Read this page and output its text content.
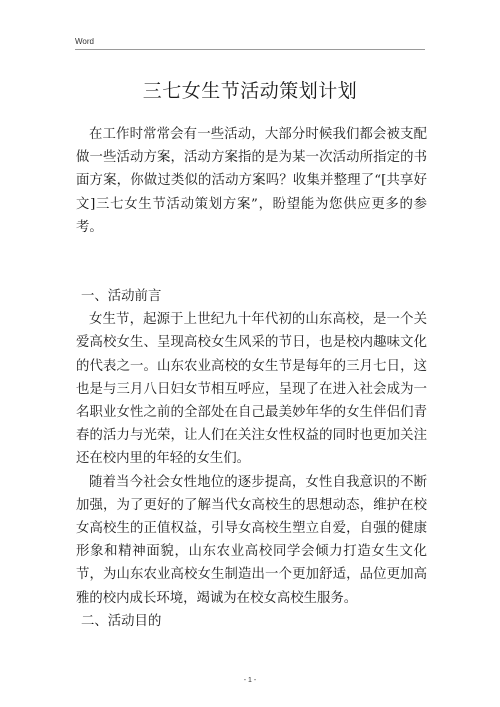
Word
三七女生节活动策划计划

在工作时常常会有一些活动，大部分时候我们都会被支配做一些活动方案，活动方案指的是为某一次活动所指定的书面方案，你做过类似的活动方案吗？收集并整理了“[共享好文]三七女生节活动策划方案”，盼望能为您供应更多的参考。

一、活动前言

女生节，起源于上世纪九十年代初的山东高校，是一个关爱高校女生、呈现高校女生风采的节日，也是校内趣味文化的代表之一。山东农业高校的女生节是每年的三月七日，这也是与三月八日妇女节相互呼应，呈现了在进入社会成为一名职业女性之前的全部处在自己最美妙年华的女生伴侣们青春的活力与光荣，让人们在关注女性权益的同时也更加关注还在校内里的年轻的女生们。

随着当今社会女性地位的逐步提高，女性自我意识的不断加强，为了更好的了解当代女高校生的思想动态，维护在校女高校生的正值权益，引导女高校生塑立自爱，自强的健康形象和精神面貌，山东农业高校同学会倾力打造女生文化节，为山东农业高校女生制造出一个更加舒适，品位更加高雅的校内成长环境，竭诚为在校女高校生服务。

二、活动目的

- 1 -
